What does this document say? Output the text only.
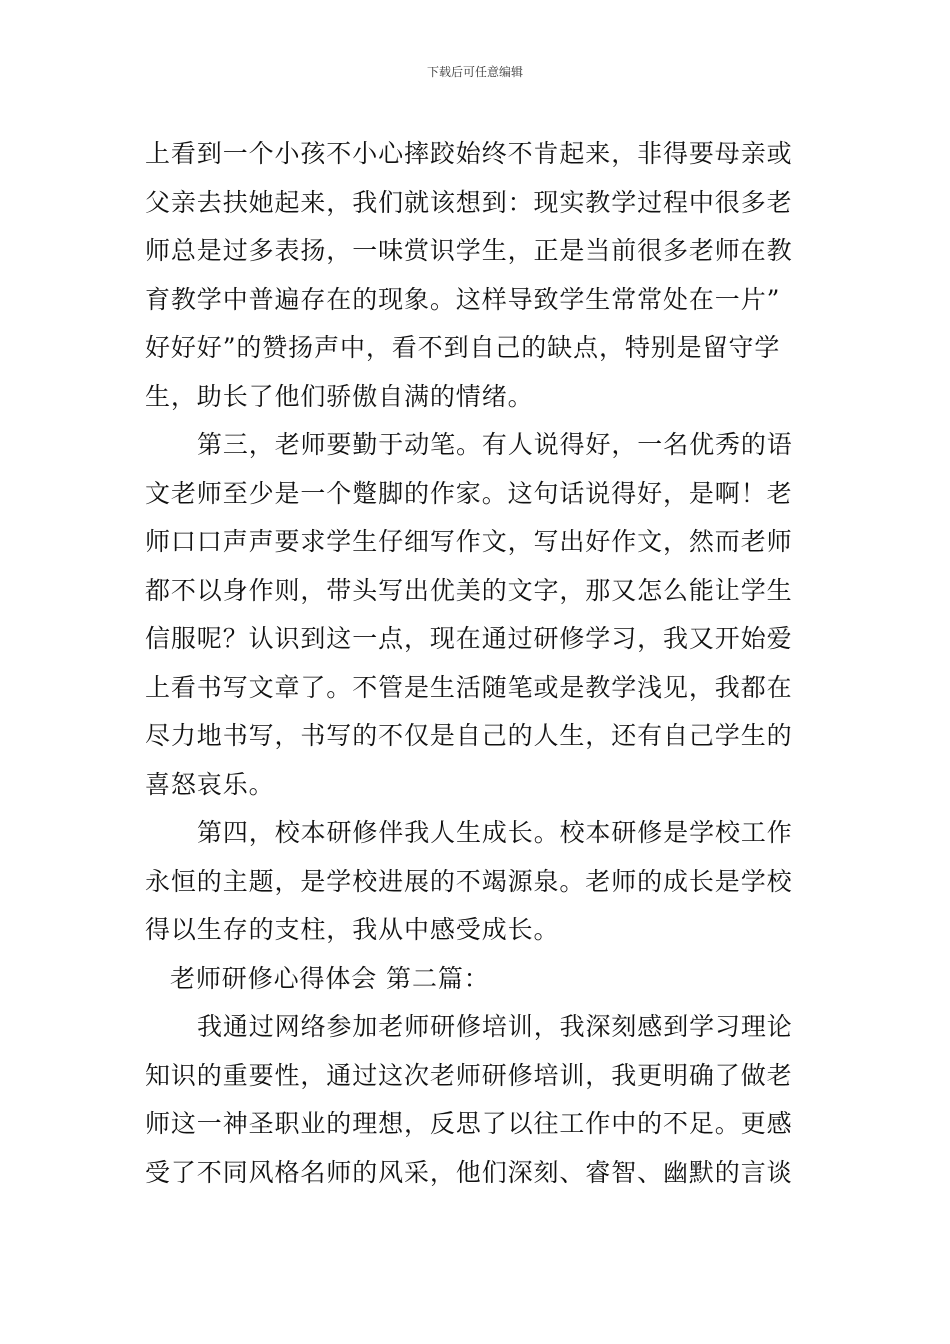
下载后可任意编辑
上看到一个小孩不小心摔跤始终不肯起来，非得要母亲或
父亲去扶她起来，我们就该想到：现实教学过程中很多老
师总是过多表扬，一味赏识学生，正是当前很多老师在教
育教学中普遍存在的现象。这样导致学生常常处在一片”
好好好”的赞扬声中，看不到自己的缺点，特别是留守学
生，助长了他们骄傲自满的情绪。
第三，老师要勤于动笔。有人说得好，一名优秀的语
文老师至少是一个蹩脚的作家。这句话说得好，是啊！老
师口口声声要求学生仔细写作文，写出好作文，然而老师
都不以身作则，带头写出优美的文字，那又怎么能让学生
信服呢？认识到这一点，现在通过研修学习，我又开始爱
上看书写文章了。不管是生活随笔或是教学浅见，我都在
尽力地书写，书写的不仅是自己的人生，还有自己学生的
喜怒哀乐。
第四，校本研修伴我人生成长。校本研修是学校工作
永恒的主题，是学校进展的不竭源泉。老师的成长是学校
得以生存的支柱，我从中感受成长。
老师研修心得体会 第二篇：
我通过网络参加老师研修培训，我深刻感到学习理论
知识的重要性，通过这次老师研修培训，我更明确了做老
师这一神圣职业的理想，反思了以往工作中的不足。更感
受了不同风格名师的风采，他们深刻、睿智、幽默的言谈
